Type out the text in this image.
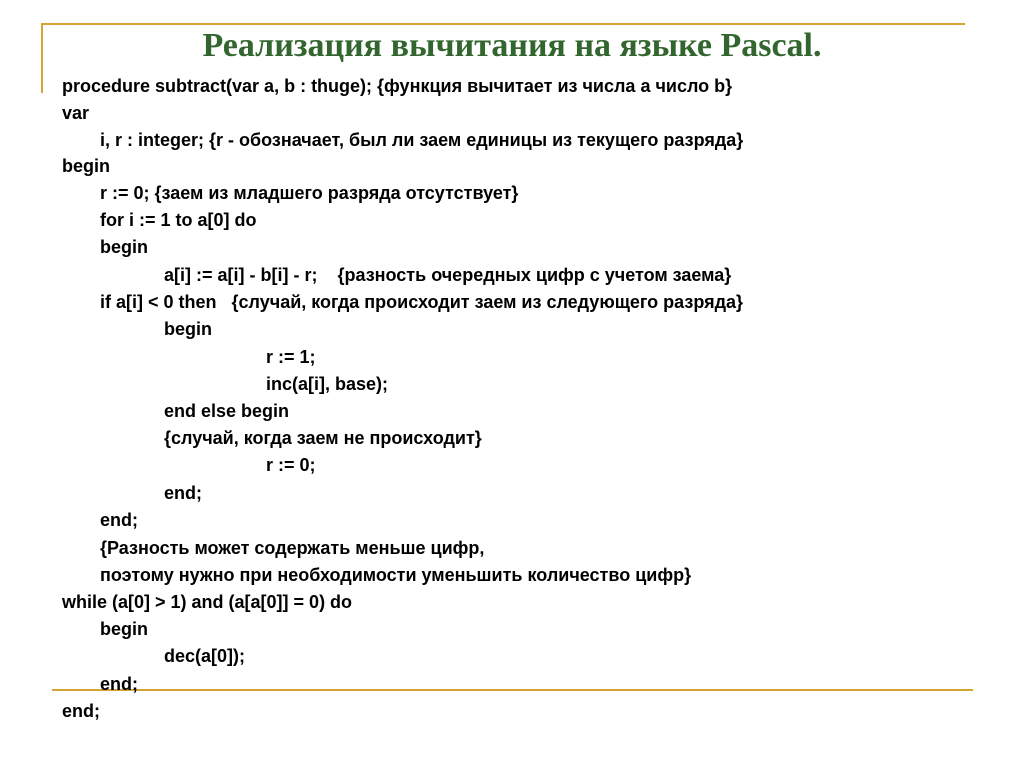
Реализация вычитания на языке Pascal.
procedure subtract(var a, b : thuge); {функция вычитает из числа а число b}
var
i, r : integer; {r - обозначает, был ли заем единицы из текущего разряда}
begin
r := 0; {заем из младшего разряда отсутствует}
for i := 1 to a[0] do
begin
a[i] := a[i] - b[i] - r;    {разность очередных цифр с учетом заема}
if a[i] < 0 then   {случай, когда происходит заем из следующего разряда}
begin
r := 1;
inc(a[i], base);
end else begin
{случай, когда заем не происходит}
r := 0;
end;
end;
{Разность может содержать меньше цифр,
поэтому нужно при необходимости уменьшить количество цифр}
while (a[0] > 1) and (a[a[0]] = 0) do
begin
dec(a[0]);
end;
end;
